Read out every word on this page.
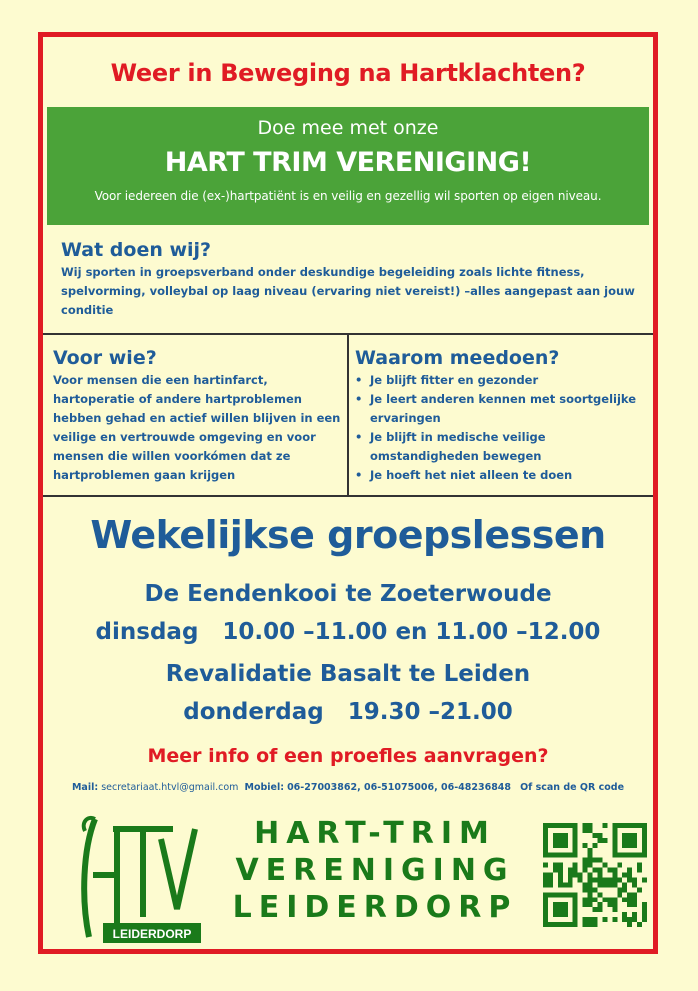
Weer in Beweging na Hartklachten?
Doe mee met onze
HART TRIM VERENIGING!
Voor iedereen die (ex-)hartpatiënt is en veilig en gezellig wil sporten op eigen niveau.
Wat doen wij?

Wij sporten in groepsverband onder deskundige begeleiding zoals lichte fitness, spelvorming, volleybal op laag niveau (ervaring niet vereist!) –alles aangepast aan jouw conditie

Voor wie?

Voor mensen die een hartinfarct, hartoperatie of andere hartproblemen hebben gehad en actief willen blijven in een veilige en vertrouwde omgeving en voor mensen die willen voorkómen dat ze hartproblemen gaan krijgen

Waarom meedoen?
• Je blijft fitter en gezonder
• Je leert anderen kennen met soortgelijke ervaringen
• Je blijft in medische veilige omstandigheden bewegen
• Je hoeft het niet alleen te doen
Wekelijkse groepslessen
De Eendenkooi te Zoeterwoude
dinsdag   10.00 –11.00 en 11.00 –12.00
Revalidatie Basalt te Leiden
donderdag   19.30 –21.00
Meer info of een proefles aanvragen?
Mail: secretariaat.htvl@gmail.com Mobiel: 06-27003862, 06-51075006, 06-48236848 Of scan de QR code
LEIDERDORP
HART-TRIM
VERENIGING
LEIDERDORP
